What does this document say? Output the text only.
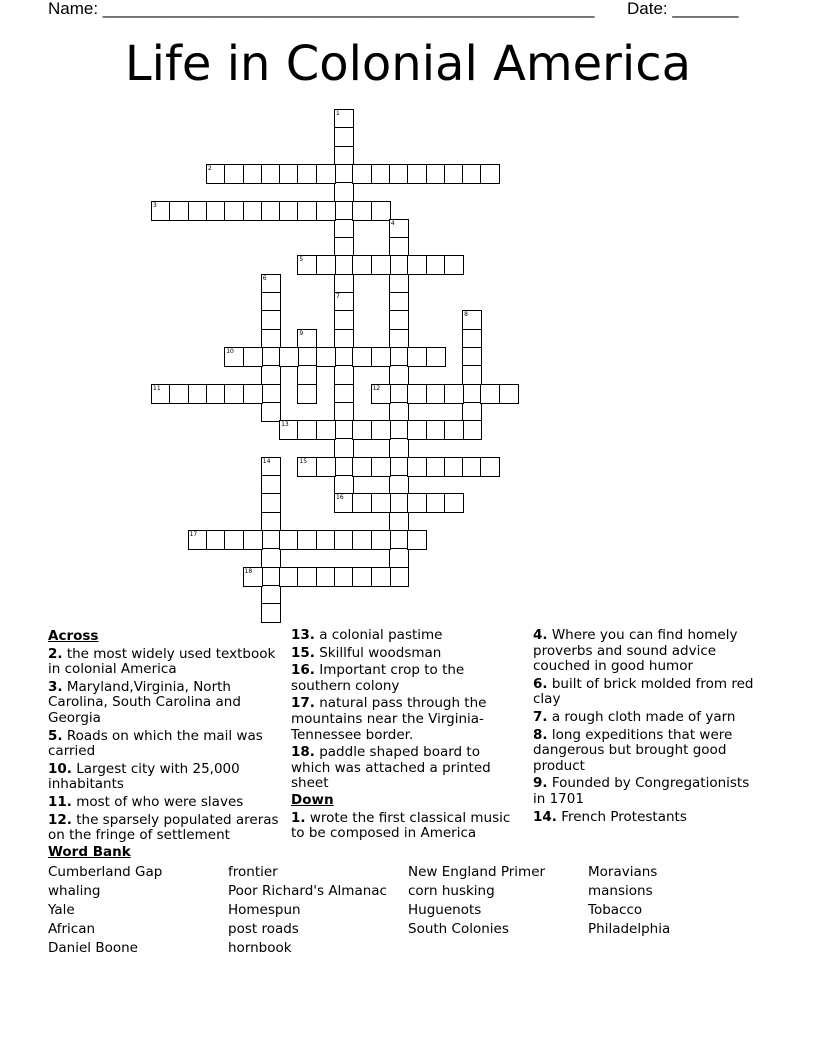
Name: ____________________________________________________ Date: _______
Life in Colonial America
1
7
2
3
4
5
6
8
9
10
11	12
13
14	15
16
17
18
Across
2. the most widely used textbook in colonial America
3. Maryland,Virginia, North Carolina, South Carolina and Georgia
5. Roads on which the mail was carried
10. Largest city with 25,000 inhabitants
11. most of who were slaves
12. the sparsely populated areras on the fringe of settlement
13. a colonial pastime
15. Skillful woodsman
16. Important crop to the southern colony
17. natural pass through the mountains near the Virginia-Tennessee border.
18. paddle shaped board to which was attached a printed sheet
Down
1. wrote the first classical music to be composed in America
4. Where you can find homely proverbs and sound advice couched in good humor
6. built of brick molded from red clay
7. a rough cloth made of yarn
8. long expeditions that were dangerous but brought good product
9. Founded by Congregationists in 1701
14. French Protestants
Word Bank
Cumberland Gap
whaling
Yale
African
Daniel Boone
frontier
Poor Richard's Almanac
Homespun
post roads
hornbook
New England Primer
corn husking
Huguenots
South Colonies
Moravians
mansions
Tobacco
Philadelphia
